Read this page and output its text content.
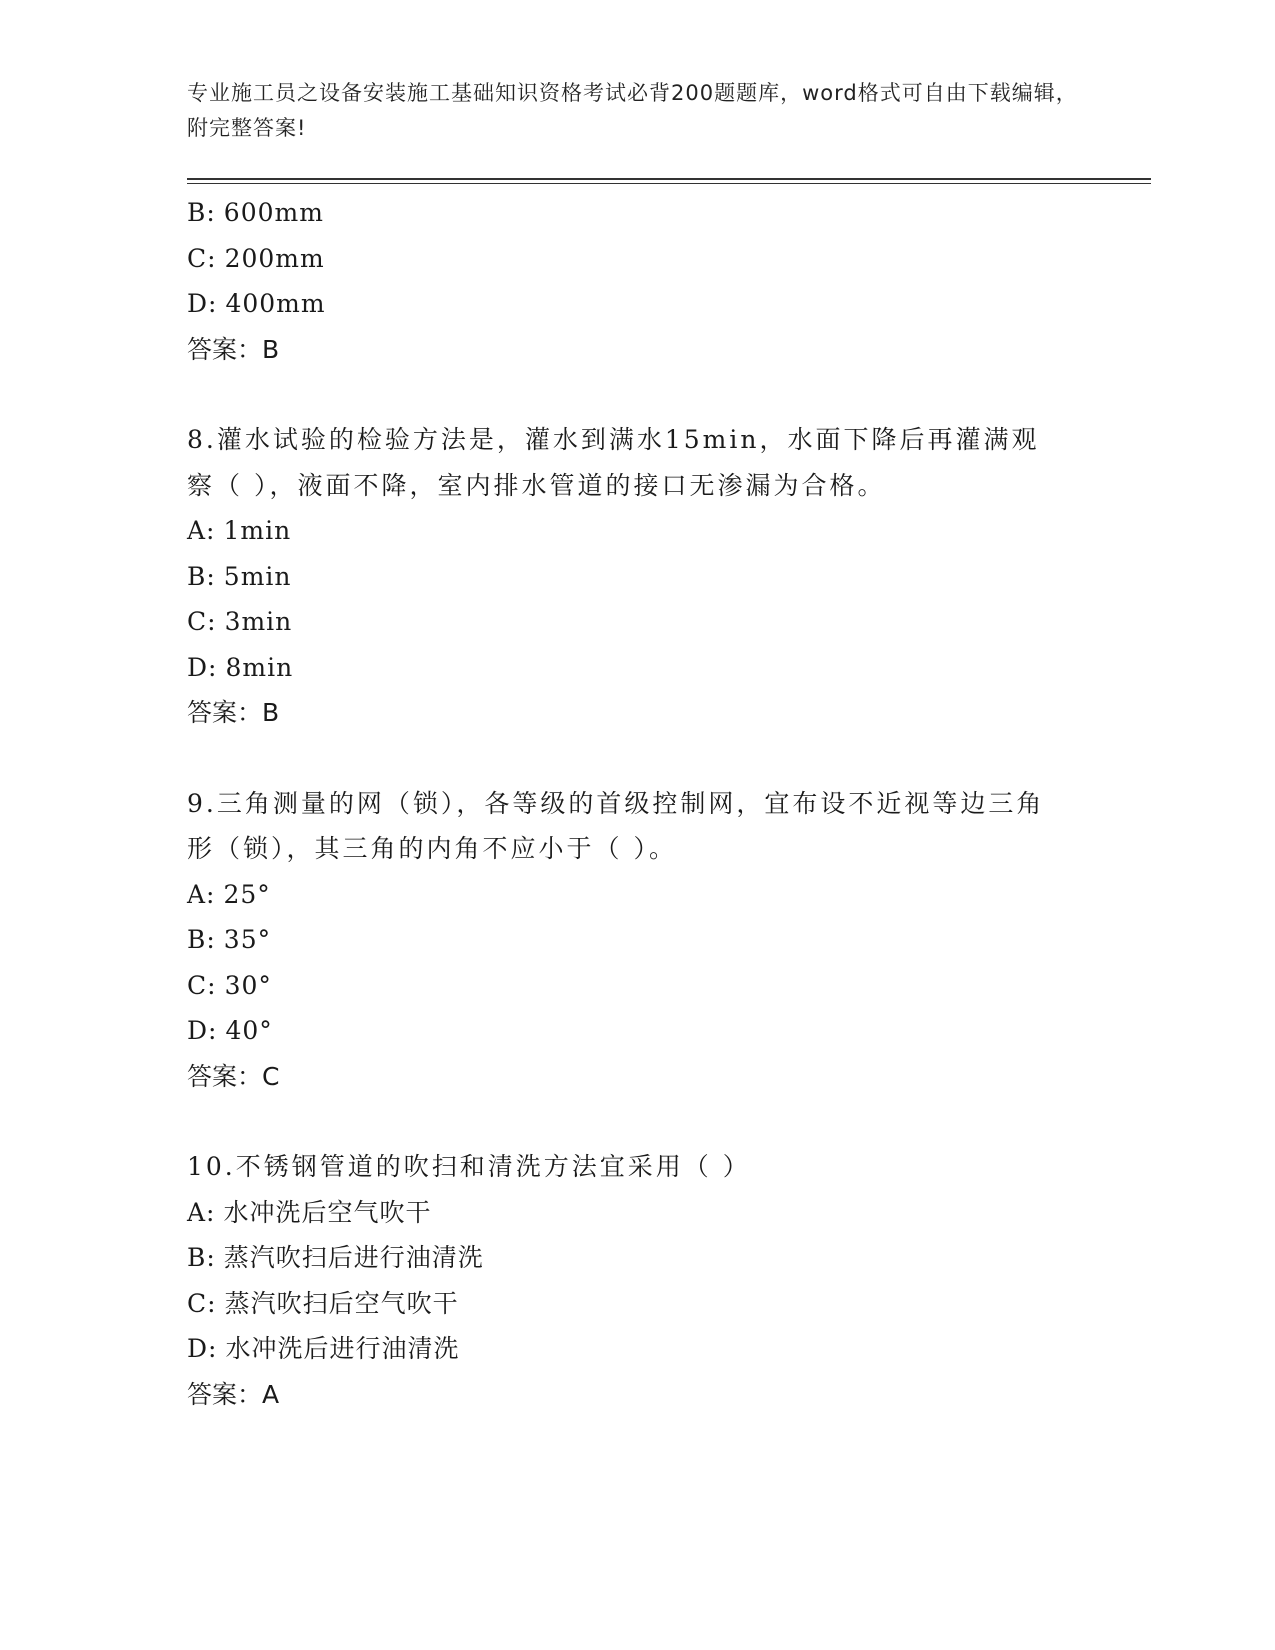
专业施工员之设备安装施工基础知识资格考试必背200题题库，word格式可自由下载编辑，附完整答案!
B: 600mm
C: 200mm
D: 400mm
答案：B
8.灌水试验的检验方法是，灌水到满水15min，水面下降后再灌满观察（ ），液面不降，室内排水管道的接口无渗漏为合格。
A: 1min
B: 5min
C: 3min
D: 8min
答案：B
9.三角测量的网（锁），各等级的首级控制网，宜布设不近视等边三角形（锁），其三角的内角不应小于（ ）。
A: 25°
B: 35°
C: 30°
D: 40°
答案：C
10.不锈钢管道的吹扫和清洗方法宜采用（ ）
A: 水冲洗后空气吹干
B: 蒸汽吹扫后进行油清洗
C: 蒸汽吹扫后空气吹干
D: 水冲洗后进行油清洗
答案：A
